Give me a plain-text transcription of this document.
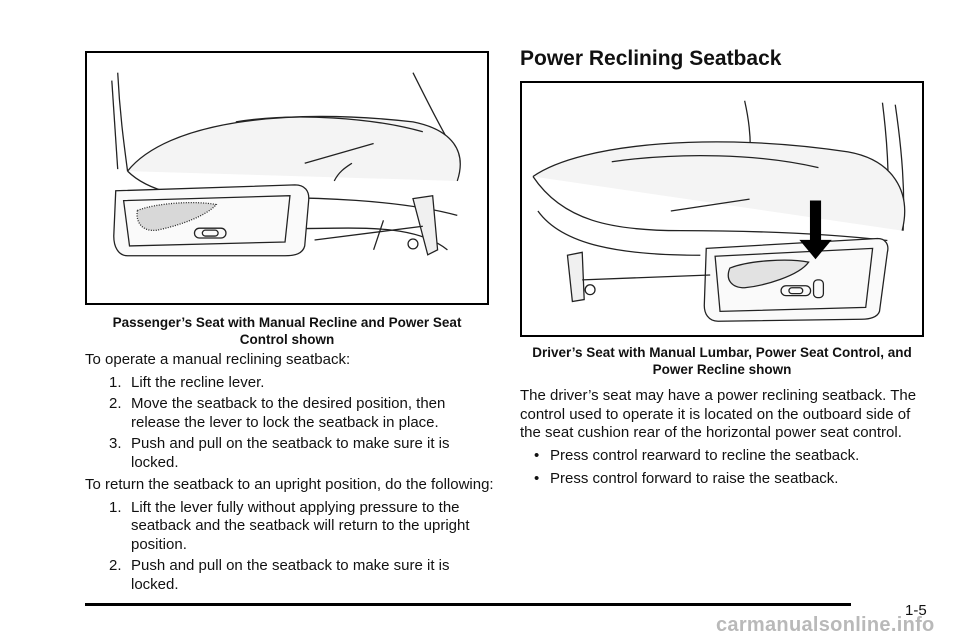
Passenger’s Seat with Manual Recline and Power Seat Control shown

To operate a manual reclining seatback:

1. Lift the recline lever.
2. Move the seatback to the desired position, then release the lever to lock the seatback in place.
3. Push and pull on the seatback to make sure it is locked.

To return the seatback to an upright position, do the following:

1. Lift the lever fully without applying pressure to the seatback and the seatback will return to the upright position.
2. Push and pull on the seatback to make sure it is locked.
Power Reclining Seatback
Driver’s Seat with Manual Lumbar, Power Seat Control, and Power Recline shown

The driver’s seat may have a power reclining seatback. The control used to operate it is located on the outboard side of the seat cushion rear of the horizontal power seat control.

• Press control rearward to recline the seatback.
• Press control forward to raise the seatback.
1-5
carmanualsonline.info
